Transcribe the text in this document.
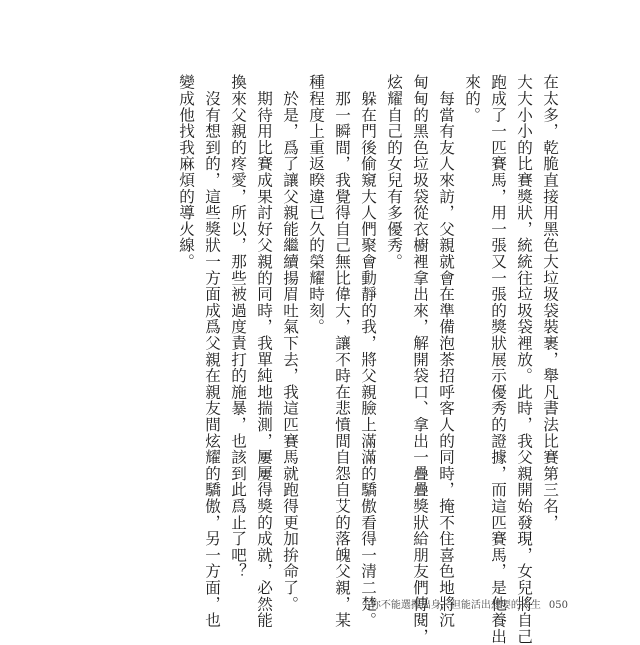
在太多，乾脆直接用黑色大垃圾袋裝裹，舉凡書法比賽第三名，
大大小小的比賽獎狀，統統往垃圾袋裡放。此時，我父親開始發現，女兒將自己
跑成了一匹賽馬，用一張又一張的獎狀展示優秀的證據，而這匹賽馬，是他養出
來的。
　每當有友人來訪，父親就會在準備泡茶招呼客人的同時，掩不住喜色地將沉
甸甸的黑色垃圾袋從衣櫥裡拿出來，解開袋口、拿出一疊疊獎狀給朋友們傳閱，
炫耀自己的女兒有多優秀。
　躲在門後偷窺大人們聚會動靜的我，將父親臉上滿滿的驕傲看得一清二楚。
　那一瞬間，我覺得自己無比偉大，讓不時在悲憤間自怨自艾的落魄父親，某
種程度上重返睽違已久的榮耀時刻。
　於是，爲了讓父親能繼續揚眉吐氣下去，我這匹賽馬就跑得更加拚命了。
　期待用比賽成果討好父親的同時，我單純地揣測，屢屢得獎的成就，必然能
換來父親的疼愛，所以，那些被過度責打的施暴，也該到此爲止了吧？
　沒有想到的，這些獎狀一方面成爲父親在親友間炫耀的驕傲，另一方面，也
變成他找我麻煩的導火線。
你不能選擇出身，但能活出想要的人生 050
